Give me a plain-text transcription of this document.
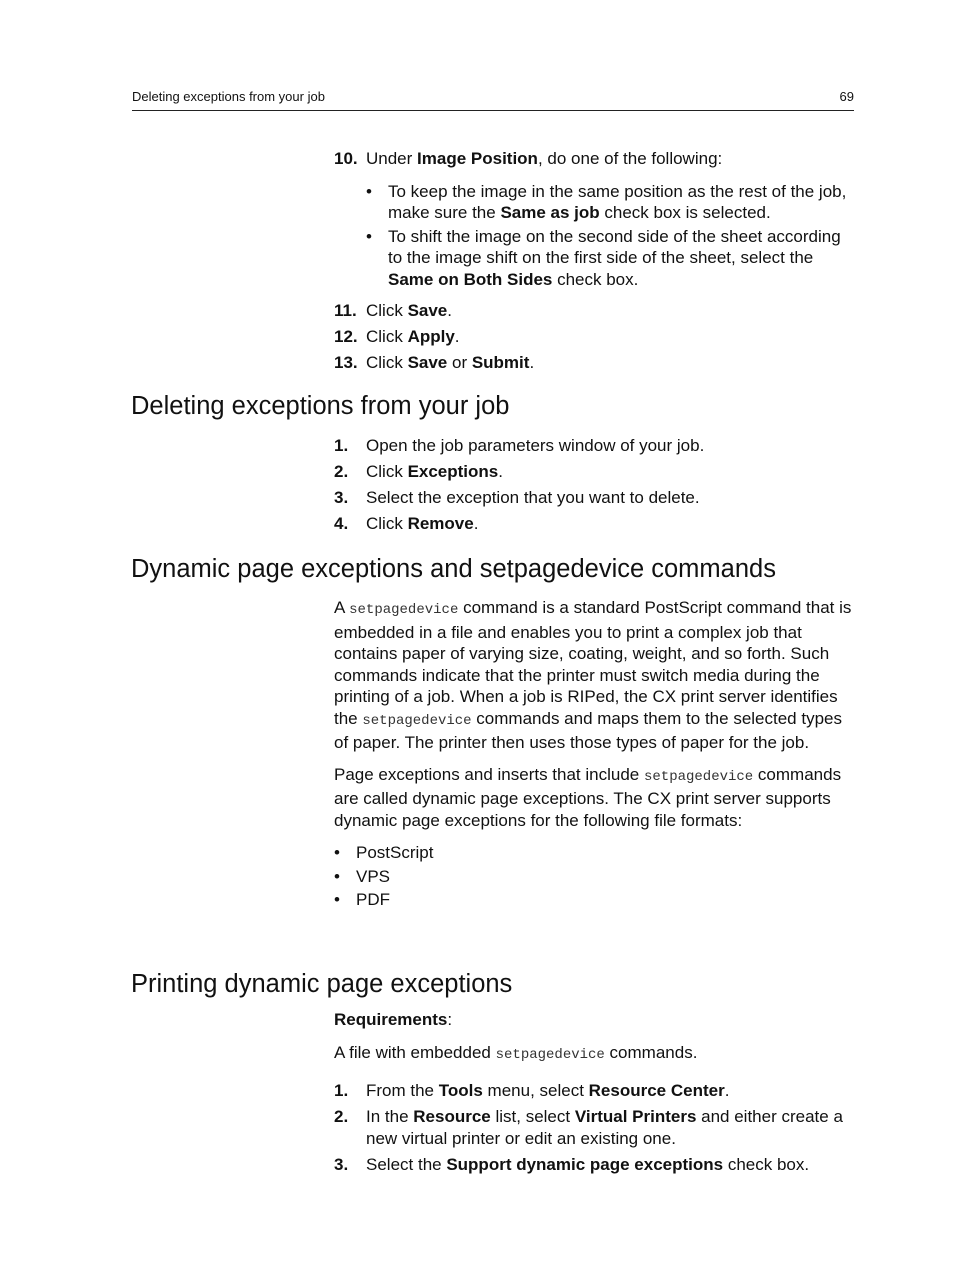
Deleting exceptions from your job	69
10. Under Image Position, do one of the following:
• To keep the image in the same position as the rest of the job, make sure the Same as job check box is selected.
• To shift the image on the second side of the sheet according to the image shift on the first side of the sheet, select the Same on Both Sides check box.
11. Click Save.
12. Click Apply.
13. Click Save or Submit.
Deleting exceptions from your job
1. Open the job parameters window of your job.
2. Click Exceptions.
3. Select the exception that you want to delete.
4. Click Remove.
Dynamic page exceptions and setpagedevice commands

A setpagedevice command is a standard PostScript command that is embedded in a file and enables you to print a complex job that contains paper of varying size, coating, weight, and so forth. Such commands indicate that the printer must switch media during the printing of a job. When a job is RIPed, the CX print server identifies the setpagedevice commands and maps them to the selected types of paper. The printer then uses those types of paper for the job.

Page exceptions and inserts that include setpagedevice commands are called dynamic page exceptions. The CX print server supports dynamic page exceptions for the following file formats:

• PostScript
• VPS
• PDF
Printing dynamic page exceptions

Requirements:

A file with embedded setpagedevice commands.

1. From the Tools menu, select Resource Center.
2. In the Resource list, select Virtual Printers and either create a new virtual printer or edit an existing one.
3. Select the Support dynamic page exceptions check box.
